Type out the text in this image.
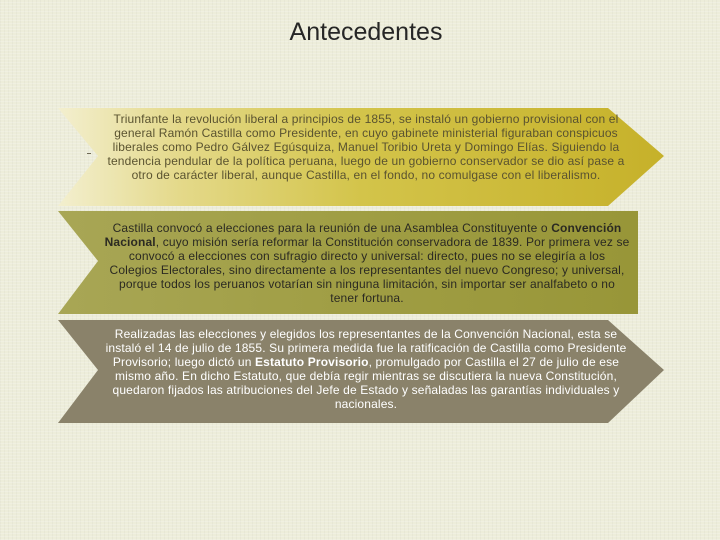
Antecedentes
Triunfante la revolución liberal a principios de 1855, se instaló un gobierno provisional con el general Ramón Castilla como Presidente, en cuyo gabinete ministerial figuraban conspicuos liberales como Pedro Gálvez Egúsquiza, Manuel Toribio Ureta y Domingo Elías. Siguiendo la tendencia pendular de la política peruana, luego de un gobierno conservador se dio así pase a otro de carácter liberal, aunque Castilla, en el fondo, no comulgase con el liberalismo.
Castilla convocó a elecciones para la reunión de una Asamblea Constituyente o Convención Nacional, cuyo misión sería reformar la Constitución conservadora de 1839. Por primera vez se convocó a elecciones con sufragio directo y universal: directo, pues no se elegiría a los Colegios Electorales, sino directamente a los representantes del nuevo Congreso; y universal, porque todos los peruanos votarían sin ninguna limitación, sin importar ser analfabeto o no tener fortuna.
Realizadas las elecciones y elegidos los representantes de la Convención Nacional, esta se instaló el 14 de julio de 1855. Su primera medida fue la ratificación de Castilla como Presidente Provisorio; luego dictó un Estatuto Provisorio, promulgado por Castilla el 27 de julio de ese mismo año. En dicho Estatuto, que debía regir mientras se discutiera la nueva Constitución, quedaron fijados las atribuciones del Jefe de Estado y señaladas las garantías individuales y nacionales.
